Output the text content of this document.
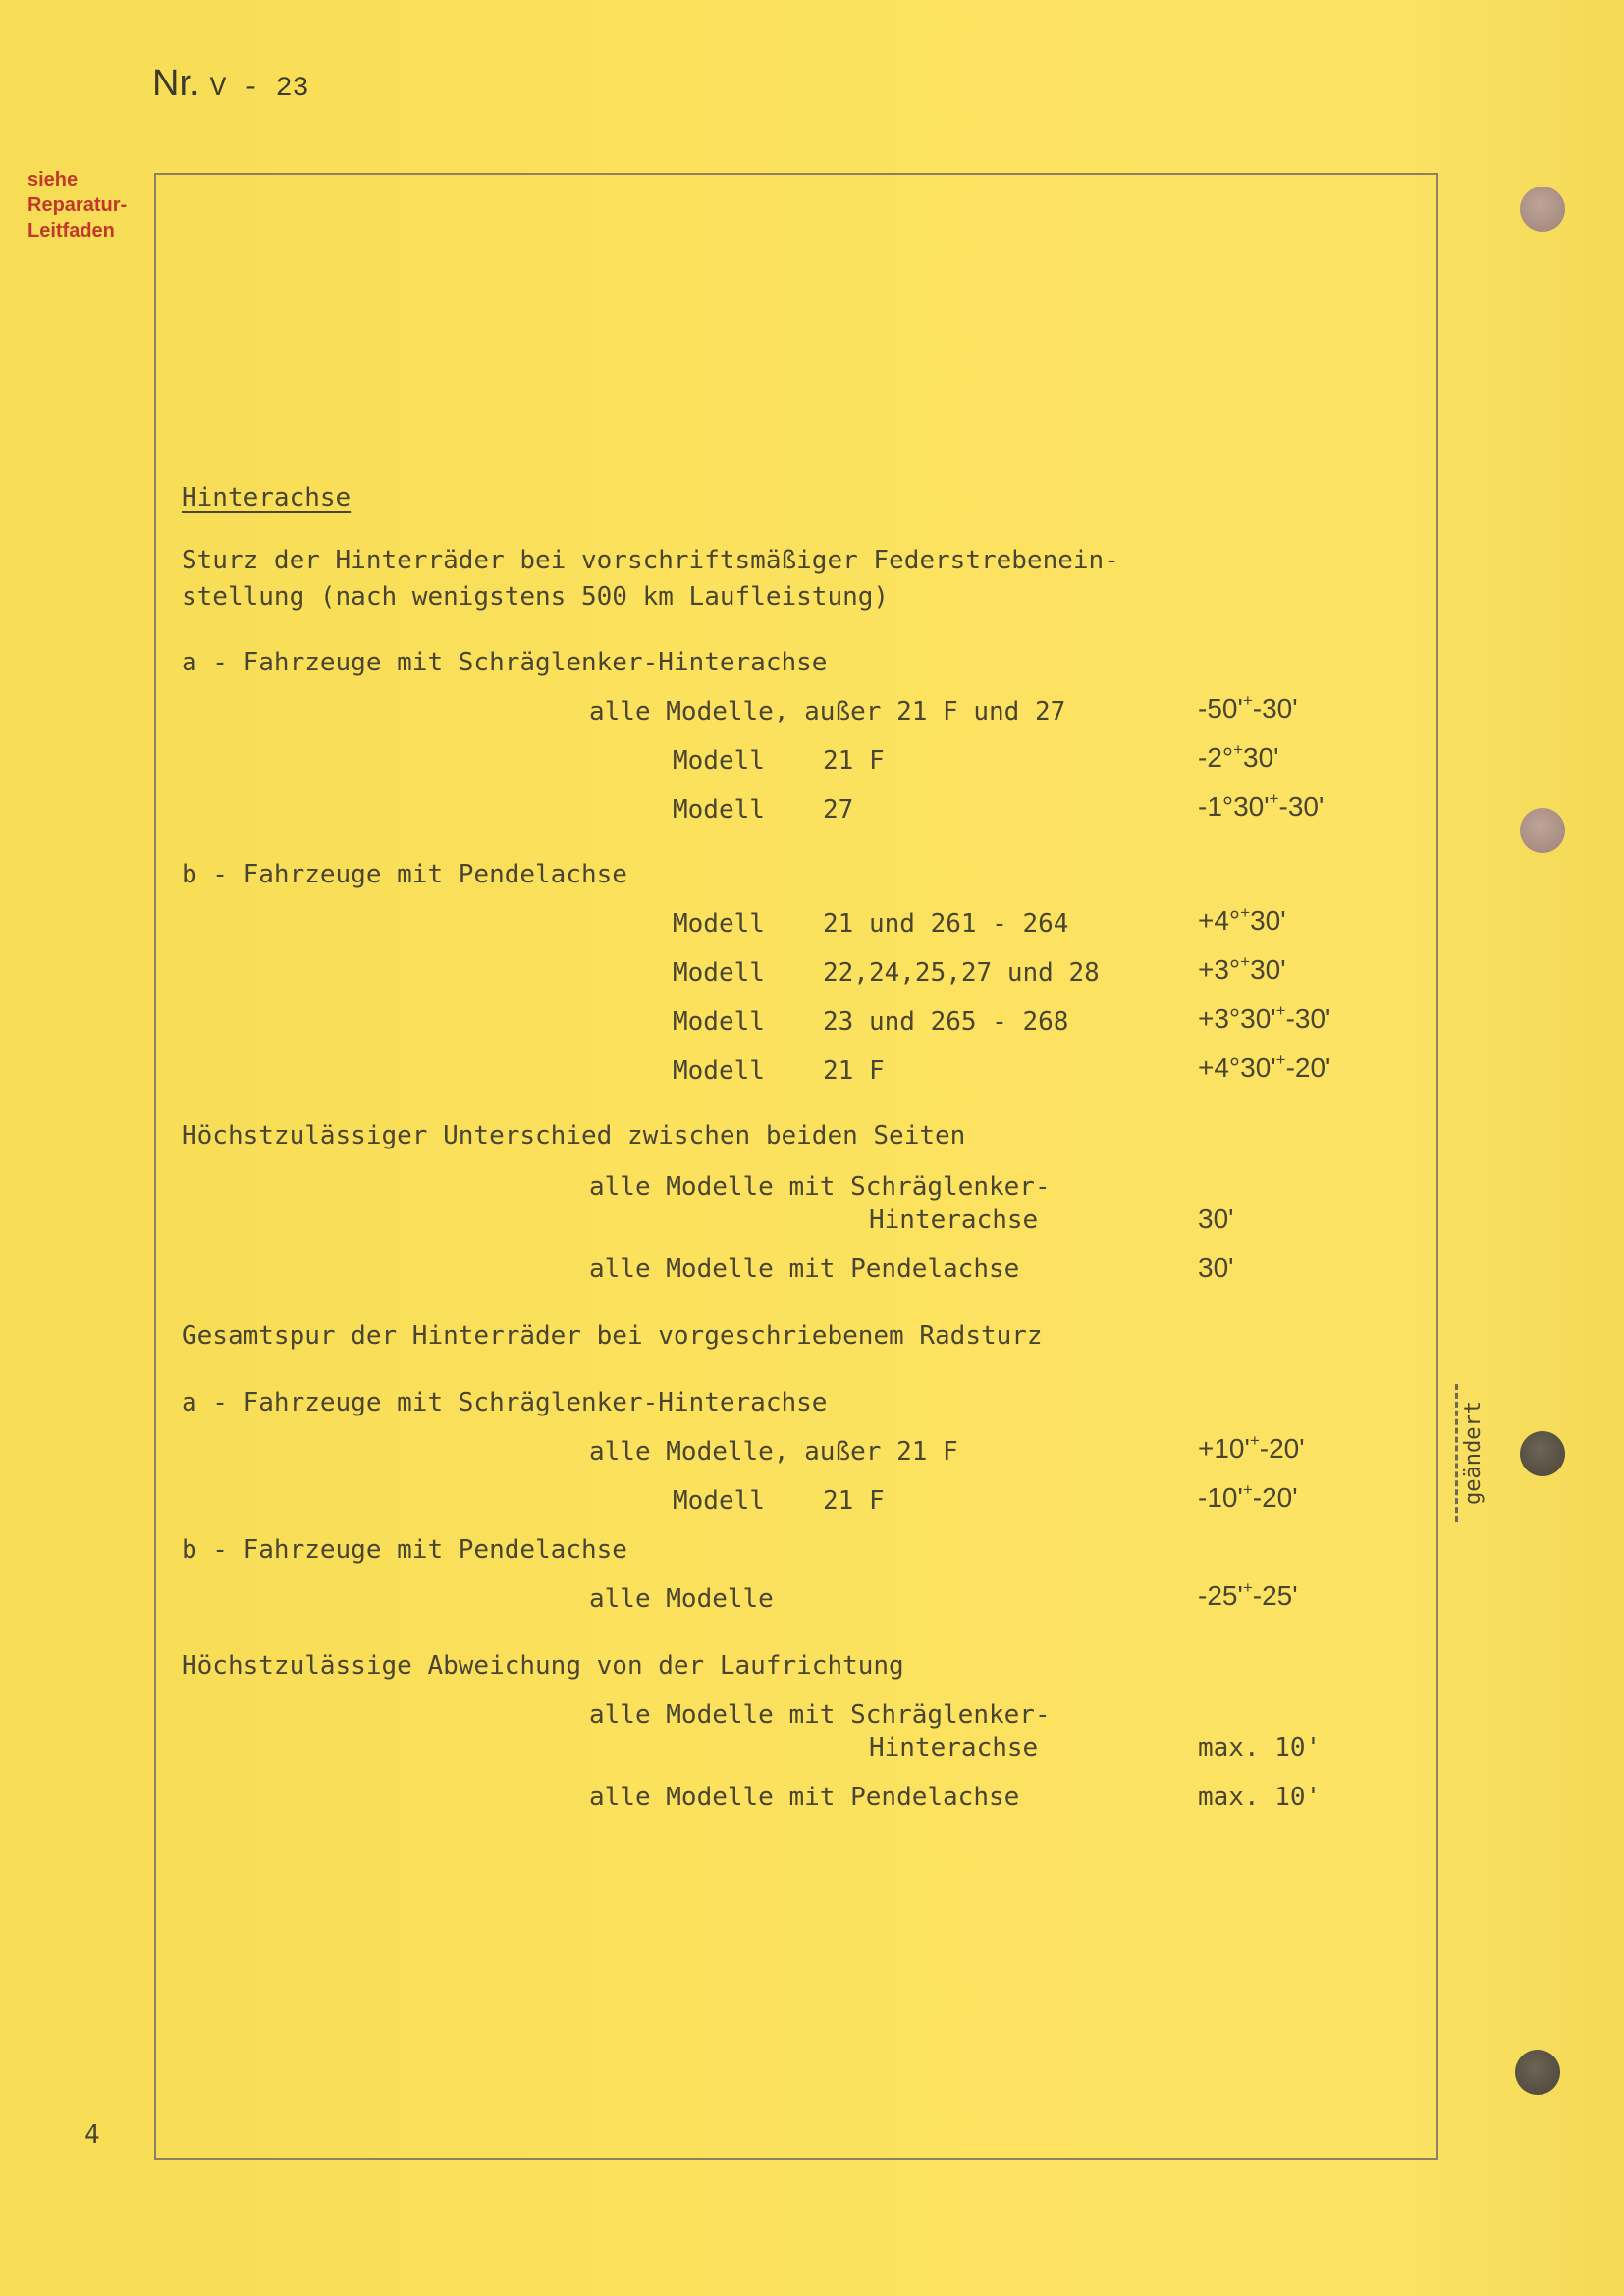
Nr. V - 23
siehe
Reparatur-
Leitfaden
geändert
4
Hinterachse
Sturz der Hinterräder bei vorschriftsmäßiger Federstrebenein-
stellung (nach wenigstens 500 km Laufleistung)
a - Fahrzeuge mit Schräglenker-Hinterachse
alle Modelle, außer 21 F und 27	-50'+-30'
Modell 21 F	-2°+30'
Modell 27	-1°30'+-30'
b - Fahrzeuge mit Pendelachse
Modell 21 und 261 - 264	+4°+30'
Modell 22,24,25,27 und 28	+3°+30'
Modell 23 und 265 - 268	+3°30'+-30'
Modell 21 F	+4°30'+-20'
Höchstzulässiger Unterschied zwischen beiden Seiten
alle Modelle mit Schräglenker-
Hinterachse	30'
alle Modelle mit Pendelachse	30'
Gesamtspur der Hinterräder bei vorgeschriebenem Radsturz
a - Fahrzeuge mit Schräglenker-Hinterachse
alle Modelle, außer 21 F	+10'+-20'
Modell 21 F	-10'+-20'
b - Fahrzeuge mit Pendelachse
alle Modelle	-25'+-25'
Höchstzulässige Abweichung von der Laufrichtung
alle Modelle mit Schräglenker-
Hinterachse	max. 10'
alle Modelle mit Pendelachse	max. 10'
